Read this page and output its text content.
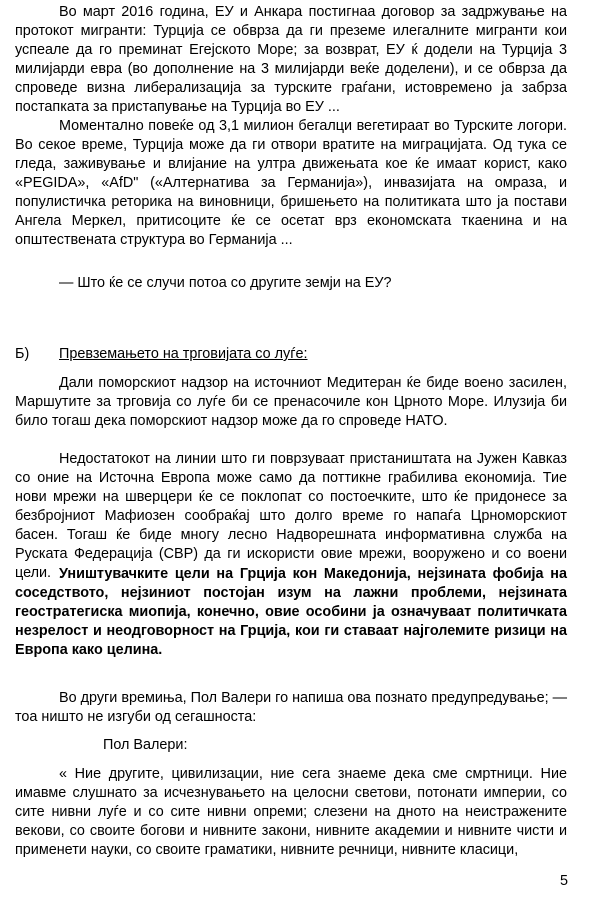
Во март 2016 година, ЕУ и Анкара постигнаа договор за задржување на протокот мигранти: Турција се обврза да ги преземе илегалните мигранти кои успеале да го преминат Егејското Море; за возврат, ЕУ ќ додели на Турција 3 милијарди евра (во дополнение на 3 милијарди веќе доделени), и се обврза да спроведе визна либерализација за турските граѓани, истовремено ја забрза постапката за пристапување на Турција во ЕУ ...

Моментално повеќе од 3,1 милион бегалци вегетираат во Турските логори. Во секое време, Турција може да ги отвори вратите на миграцијата. Од тука се гледа, заживување и влијание на ултра движењата кое ќе имаат корист, како «PEGIDA», «AfD" («Алтернатива за Германија»), инвазијата на омраза, и популистичка реторика на виновници, бришењето на политиката што ја постави Ангела Меркел, притисоците ќе се осетат врз економската ткаенина и на општествената структура во Германија ...

— Што ќе се случи потоа со другите земји на ЕУ?

Б) Превземањето на трговијата со луѓе:

Дали поморскиот надзор на источниот Медитеран ќе биде воено засилен, Маршутите за трговија со луѓе би се пренасочиле кон Црното Море. Илузија би било тогаш дека поморскиот надзор може да го спроведе НАТО.

Недостатокот на линии што ги поврзуваат пристаништата на Јужен Кавказ со оние на Источна Европа може само да поттикне грабилива економија. Тие нови мрежи на шверцери ќе се поклопат со постоечките, што ќе придонесе за безбројниот Мафиозен сообраќај што долго време го напаѓа Црноморскиот басен. Тогаш ќе биде многу лесно Надворешната информативна служба на Руската Федерација (СВР) да ги искористи овие мрежи, вооружено и со воени цели. Уништувачките цели на Грција кон Македонија, нејзината фобија на соседството, нејзиниот постојан изум на лажни проблеми, нејзината геостратегиска миопија, конечно, овие особини ја означуваат политичката незрелост и неодговорност на Грција, кои ги ставаат најголемите ризици на Европа како целина.

Во други времиња, Пол Валери го напиша ова познато предупредување; — тоа ништо не изгуби од сегашноста:

Пол Валери:

« Ние другите, цивилизации, ние сега знаеме дека сме смртници. Ние имавме слушнато за исчезнувањето на целосни светови, потонати империи, со сите нивни луѓе и со сите нивни опреми; слезени на дното на неистражените векови, со своите богови и нивните закони, нивните академии и нивните чисти и применети науки, со своите граматики, нивните речници, нивните класици,

5
